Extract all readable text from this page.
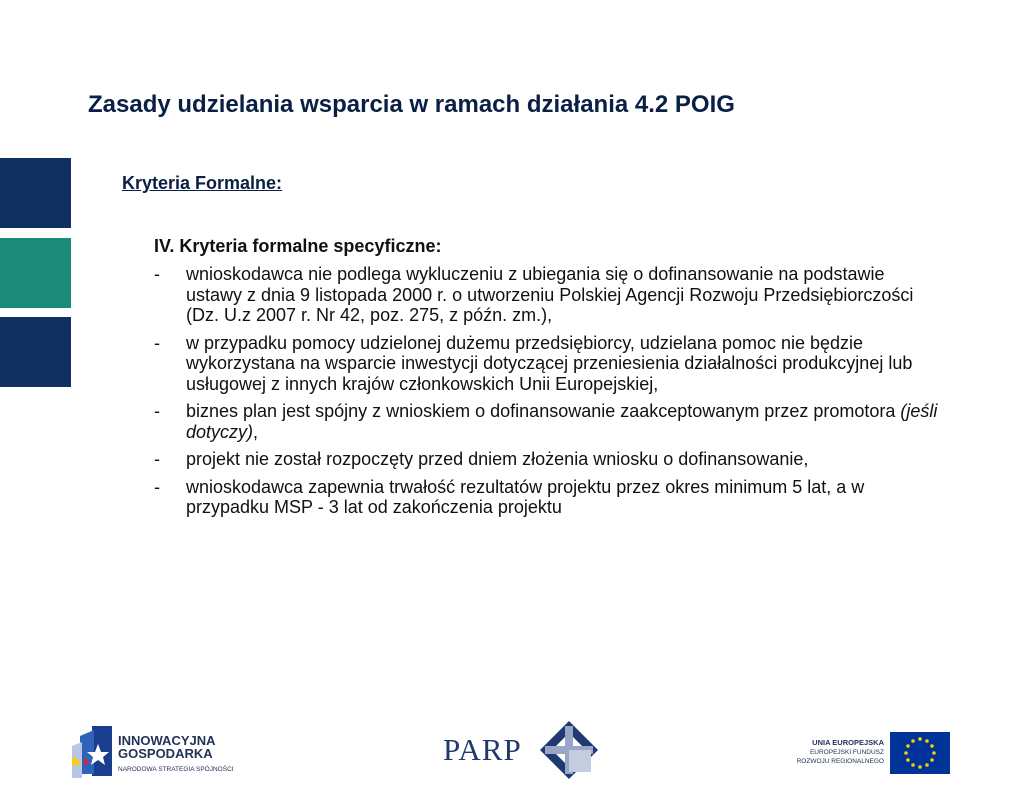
Zasady udzielania wsparcia w ramach działania 4.2 POIG
Kryteria Formalne:
IV. Kryteria formalne specyficzne:
- wnioskodawca nie podlega wykluczeniu z ubiegania się o dofinansowanie na podstawie ustawy z dnia 9 listopada 2000 r. o utworzeniu Polskiej Agencji Rozwoju Przedsiębiorczości (Dz. U.z 2007 r. Nr 42, poz. 275, z późn. zm.),
- w przypadku pomocy udzielonej dużemu przedsiębiorcy, udzielana pomoc nie będzie wykorzystana na wsparcie inwestycji dotyczącej przeniesienia działalności produkcyjnej lub usługowej z innych krajów członkowskich Unii Europejskiej,
- biznes plan jest spójny z wnioskiem o dofinansowanie zaakceptowanym przez promotora (jeśli dotyczy),
- projekt nie został rozpoczęty przed dniem złożenia wniosku o dofinansowanie,
- wnioskodawca zapewnia trwałość rezultatów projektu przez okres minimum 5 lat, a w przypadku MSP - 3 lat od zakończenia projektu
INNOWACYJNA
GOSPODARKA
NARODOWA STRATEGIA SPÓJNOŚCI
PARP	UNIA EUROPEJSKA
EUROPEJSKI FUNDUSZ
ROZWOJU REGIONALNEGO
